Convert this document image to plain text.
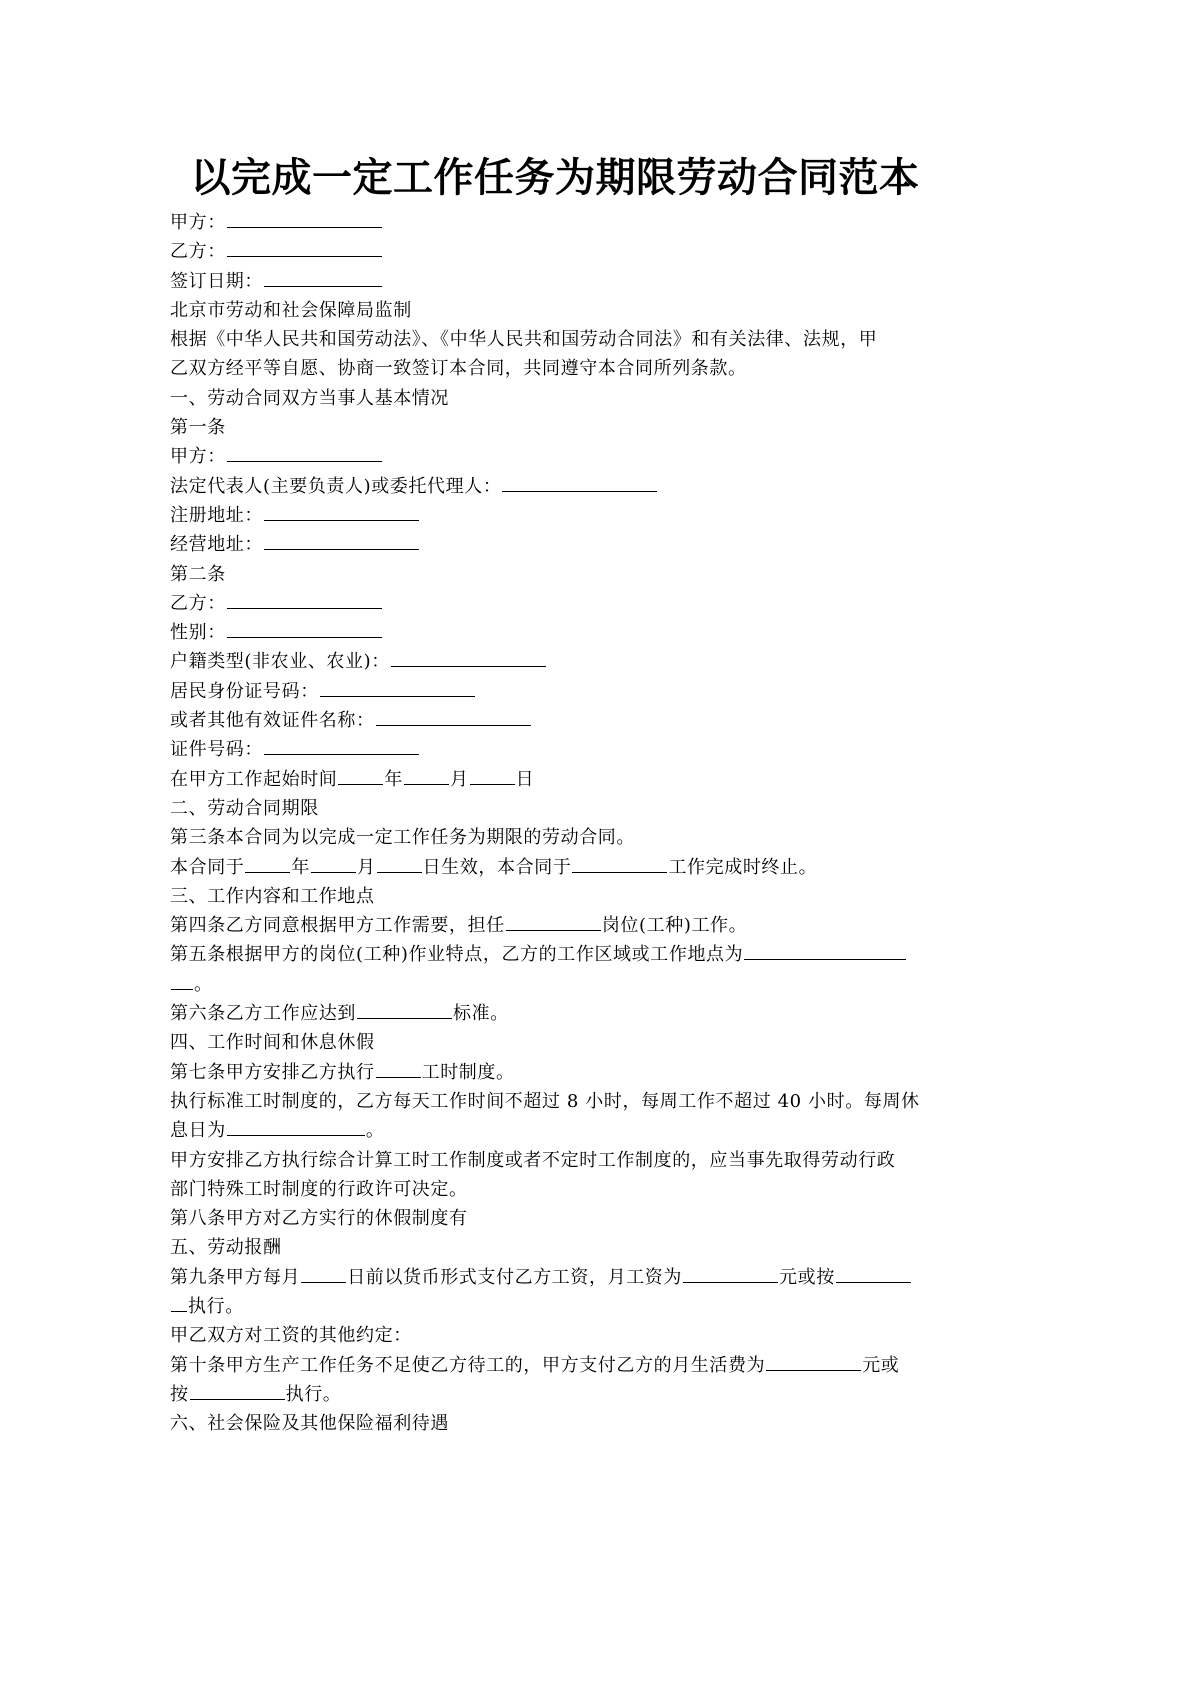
以完成一定工作任务为期限劳动合同范本
甲方：
乙方：
签订日期：
北京市劳动和社会保障局监制
根据《中华人民共和国劳动法》、《中华人民共和国劳动合同法》和有关法律、法规，甲
乙双方经平等自愿、协商一致签订本合同，共同遵守本合同所列条款。
一、劳动合同双方当事人基本情况
第一条
甲方：
法定代表人(主要负责人)或委托代理人：
注册地址：
经营地址：
第二条
乙方：
性别：
户籍类型(非农业、农业)：
居民身份证号码：
或者其他有效证件名称：
证件号码：
在甲方工作起始时间	年	月	日
二、劳动合同期限
第三条本合同为以完成一定工作任务为期限的劳动合同。
本合同于	年	月	日生效，本合同于	工作完成时终止。
三、工作内容和工作地点
第四条乙方同意根据甲方工作需要，担任	岗位(工种)工作。
第五条根据甲方的岗位(工种)作业特点，乙方的工作区域或工作地点为
。
第六条乙方工作应达到	标准。
四、工作时间和休息休假
第七条甲方安排乙方执行	工时制度。
执行标准工时制度的，乙方每天工作时间不超过 8 小时，每周工作不超过 40 小时。每周休
息日为	。
甲方安排乙方执行综合计算工时工作制度或者不定时工作制度的，应当事先取得劳动行政
部门特殊工时制度的行政许可决定。
第八条甲方对乙方实行的休假制度有
五、劳动报酬
第九条甲方每月	日前以货币形式支付乙方工资，月工资为	元或按
执行。
甲乙双方对工资的其他约定：
第十条甲方生产工作任务不足使乙方待工的，甲方支付乙方的月生活费为	元或
按	执行。
六、社会保险及其他保险福利待遇
